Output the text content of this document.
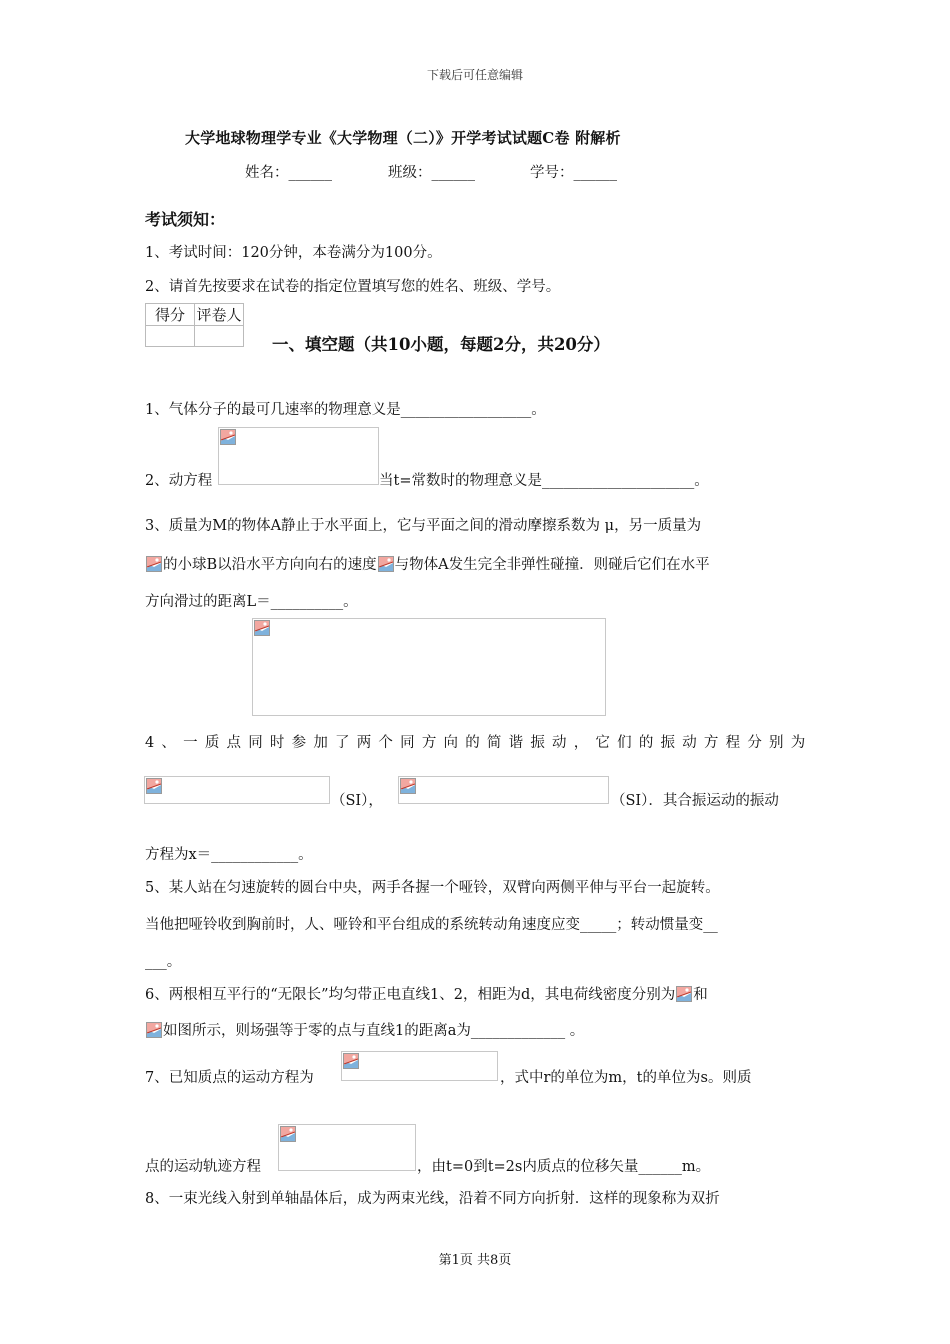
下载后可任意编辑
大学地球物理学专业《大学物理（二）》开学考试试题C卷 附解析
姓名：______	班级：______	学号：______
考试须知：
1、考试时间：120分钟，本卷满分为100分。
2、请首先按要求在试卷的指定位置填写您的姓名、班级、学号。
得分	评卷人

一、填空题（共10小题，每题2分，共20分）
1、气体分子的最可几速率的物理意义是__________________。
2、动方程	当t=常数时的物理意义是_____________________。
3、质量为M的物体A静止于水平面上，它与平面之间的滑动摩擦系数为 μ，另一质量为
的小球B以沿水平方向向右的速度 与物体A发生完全非弹性碰撞．则碰后它们在水平
方向滑过的距离L＝__________。
4、一质点同时参加了两个同方向的简谐振动，它们的振动方程分别为
（SI），	（SI）．其合振运动的振动
方程为x＝____________。
5、某人站在匀速旋转的圆台中央，两手各握一个哑铃，双臂向两侧平伸与平台一起旋转。
当他把哑铃收到胸前时，人、哑铃和平台组成的系统转动角速度应变_____；转动惯量变__
___。
6、两根相互平行的“无限长”均匀带正电直线1、2，相距为d，其电荷线密度分别为 和
如图所示，则场强等于零的点与直线1的距离a为_____________ 。
7、已知质点的运动方程为	，式中r的单位为m，t的单位为s。则质
点的运动轨迹方程	，由t=0到t=2s内质点的位移矢量______m。
8、一束光线入射到单轴晶体后，成为两束光线，沿着不同方向折射．这样的现象称为双折
第1页 共8页
